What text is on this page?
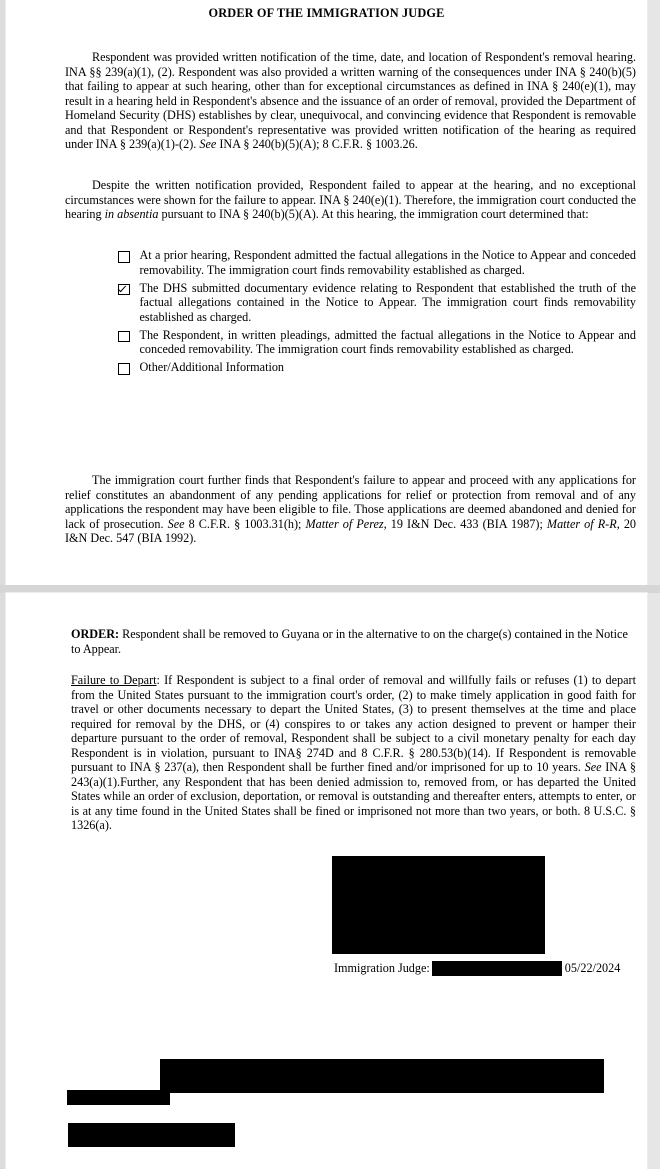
ORDER OF THE IMMIGRATION JUDGE
Respondent was provided written notification of the time, date, and location of Respondent's removal hearing. INA §§ 239(a)(1), (2). Respondent was also provided a written warning of the consequences under INA § 240(b)(5) that failing to appear at such hearing, other than for exceptional circumstances as defined in INA § 240(e)(1), may result in a hearing held in Respondent's absence and the issuance of an order of removal, provided the Department of Homeland Security (DHS) establishes by clear, unequivocal, and convincing evidence that Respondent is removable and that Respondent or Respondent's representative was provided written notification of the hearing as required under INA § 239(a)(1)-(2). See INA § 240(b)(5)(A); 8 C.F.R. § 1003.26.
Despite the written notification provided, Respondent failed to appear at the hearing, and no exceptional circumstances were shown for the failure to appear. INA § 240(e)(1). Therefore, the immigration court conducted the hearing in absentia pursuant to INA § 240(b)(5)(A). At this hearing, the immigration court determined that:
At a prior hearing, Respondent admitted the factual allegations in the Notice to Appear and conceded removability. The immigration court finds removability established as charged.
The DHS submitted documentary evidence relating to Respondent that established the truth of the factual allegations contained in the Notice to Appear. The immigration court finds removability established as charged.
The Respondent, in written pleadings, admitted the factual allegations in the Notice to Appear and conceded removability. The immigration court finds removability established as charged.
Other/Additional Information
The immigration court further finds that Respondent's failure to appear and proceed with any applications for relief constitutes an abandonment of any pending applications for relief or protection from removal and of any applications the respondent may have been eligible to file. Those applications are deemed abandoned and denied for lack of prosecution. See 8 C.F.R. § 1003.31(h); Matter of Perez, 19 I&N Dec. 433 (BIA 1987); Matter of R-R, 20 I&N Dec. 547 (BIA 1992).
ORDER: Respondent shall be removed to Guyana or in the alternative to on the charge(s) contained in the Notice to Appear.
Failure to Depart: If Respondent is subject to a final order of removal and willfully fails or refuses (1) to depart from the United States pursuant to the immigration court's order, (2) to make timely application in good faith for travel or other documents necessary to depart the United States, (3) to present themselves at the time and place required for removal by the DHS, or (4) conspires to or takes any action designed to prevent or hamper their departure pursuant to the order of removal, Respondent shall be subject to a civil monetary penalty for each day Respondent is in violation, pursuant to INA§ 274D and 8 C.F.R. § 280.53(b)(14). If Respondent is removable pursuant to INA § 237(a), then Respondent shall be further fined and/or imprisoned for up to 10 years. See INA § 243(a)(1).Further, any Respondent that has been denied admission to, removed from, or has departed the United States while an order of exclusion, deportation, or removal is outstanding and thereafter enters, attempts to enter, or is at any time found in the United States shall be fined or imprisoned not more than two years, or both. 8 U.S.C. § 1326(a).
Immigration Judge:	05/22/2024
